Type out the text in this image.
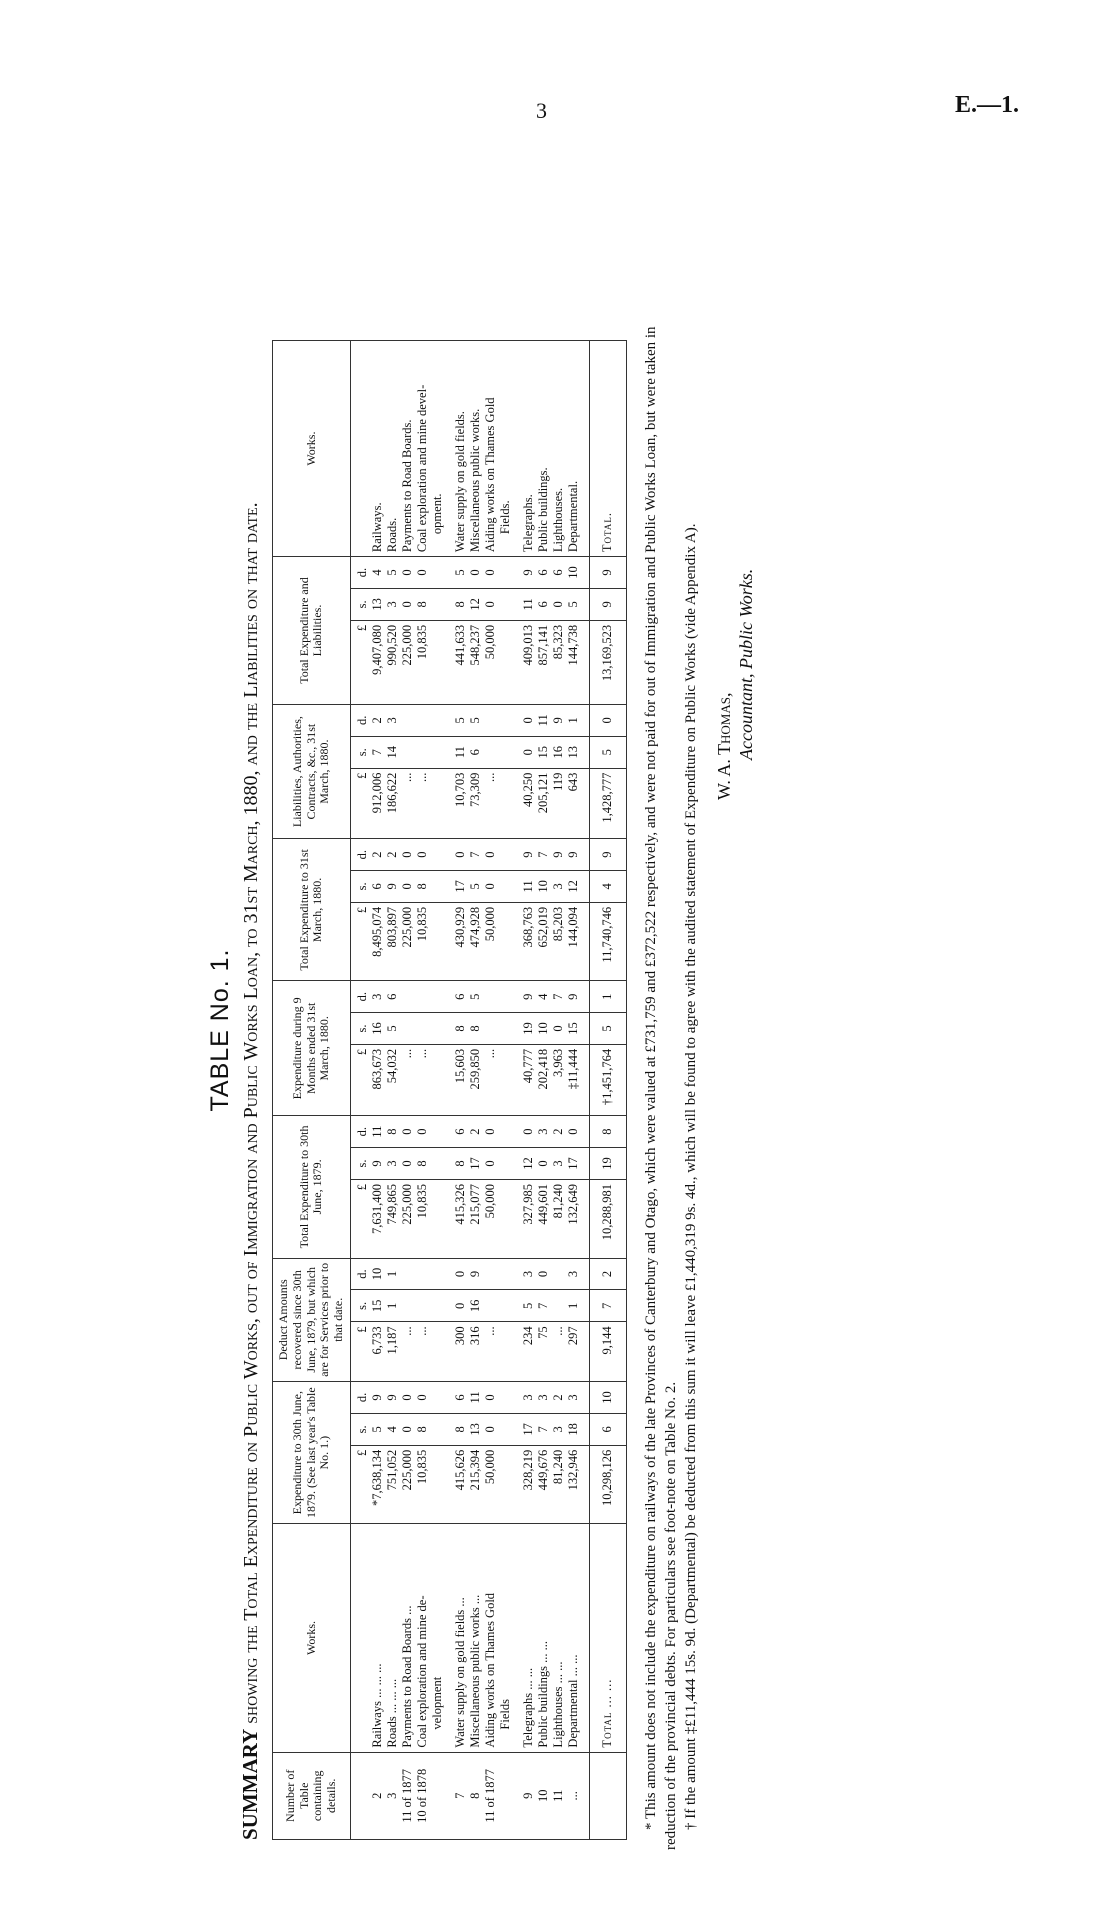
3	E.—1.
TABLE No. 1.
SUMMARY showing the Total Expenditure on Public Works, out of Immigration and Public Works Loan, to 31st March, 1880, and the Liabilities on that date.
Number of Table containing details.	Works.	Expenditure to 30th June, 1879. (See last year's Table No. 1.)			Deduct Amounts recovered since 30th June, 1879, but which are for Services prior to that date.			Total Expenditure to 30th June, 1879.			Expenditure during 9 Months ended 31st March, 1880.			Total Expenditure to 31st March, 1880.			Liabilities, Authorities, Contracts, &c., 31st March, 1880.			Total Expenditure and Liabilities.			Works.
		£	s.	d.	£	s.	d.	£	s.	d.	£	s.	d.	£	s.	d.	£	s.	d.	£	s.	d.	
2	Railways ... ... ...	*7,638,134	5	9	6,733	15	10	7,631,400	9	11	863,673	16	3	8,495,074	6	2	912,006	7	2	9,407,080	13	4	Railways.
3	Roads ... ... ...	751,052	4	9	1,187	1	1	749,865	3	8	54,032	5	6	803,897	9	2	186,622	14	3	990,520	3	5	Roads.
11 of 1877	Payments to Road Boards ...	225,000	0	0	...			225,000	0	0	...			225,000	0	0	...			225,000	0	0	Payments to Road Boards.
10 of 1878	Coal exploration and mine de-	10,835	8	0	...			10,835	8	0	...			10,835	8	0	...			10,835	8	0	Coal exploration and mine devel-
	velopment																						opment.

7	Water supply on gold fields ...	415,626	8	6	300	0	0	415,326	8	6	15,603	8	6	430,929	17	0	10,703	11	5	441,633	8	5	Water supply on gold fields.
8	Miscellaneous public works ...	215,394	13	11	316	16	9	215,077	17	2	259,850	8	5	474,928	5	7	73,309	6	5	548,237	12	0	Miscellaneous public works.
11 of 1877	Aiding works on Thames Gold	50,000	0	0	...			50,000	0	0	...			50,000	0	0	...			50,000	0	0	Aiding works on Thames Gold
	Fields																						Fields.

9	Telegraphs ... ...	328,219	17	3	234	5	3	327,985	12	0	40,777	19	9	368,763	11	9	40,250	0	0	409,013	11	9	Telegraphs.
10	Public buildings ... ...	449,676	7	3	75	7	0	449,601	0	3	202,418	10	4	652,019	10	7	205,121	15	11	857,141	6	6	Public buildings.
11	Lighthouses ... ...	81,240	3	2	...			81,240	3	2	3,963	0	7	85,203	3	9	119	16	9	85,323	0	6	Lighthouses.
...	Departmental ... ...	132,946	18	3	297	1	3	132,649	17	0	‡11,444	15	9	144,094	12	9	643	13	1	144,738	5	10	Departmental.

	Total ... ...	10,298,126	6	10	9,144	7	2	10,288,981	19	8	†1,451,764	5	1	11,740,746	4	9	1,428,777	5	0	13,169,523	9	9	Total. * This amount does not include the expenditure on railways of the late Provinces of Canterbury and Otago, which were valued at £731,759 and £372,522 respectively, and were not paid for out of Immigration and Public Works Loan, but were taken in reduction of the provincial debts. For particulars see foot-note on Table No. 2. † If the amount ‡£11,444 15s. 9d. (Departmental) be deducted from this sum it will leave £1,440,319 9s. 4d., which will be found to agree with the audited statement of Expenditure on Public Works (vide Appendix A). W. A. Thomas, Accountant, Public Works.
